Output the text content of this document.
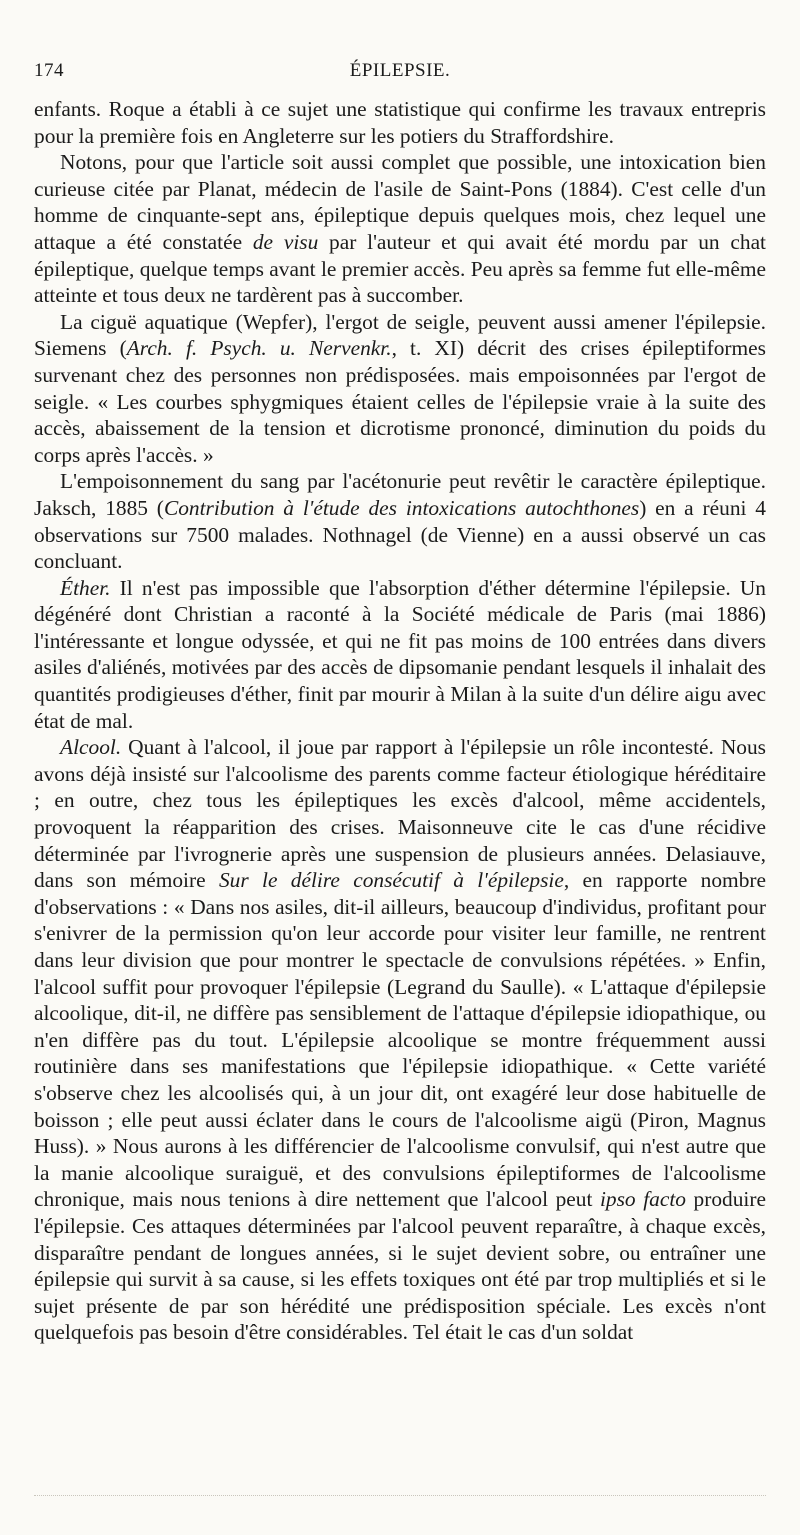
174	ÉPILEPSIE.

enfants. Roque a établi à ce sujet une statistique qui confirme les travaux entrepris pour la première fois en Angleterre sur les potiers du Straffordshire.

Notons, pour que l'article soit aussi complet que possible, une intoxication bien curieuse citée par Planat, médecin de l'asile de Saint-Pons (1884). C'est celle d'un homme de cinquante-sept ans, épileptique depuis quelques mois, chez lequel une attaque a été constatée de visu par l'auteur et qui avait été mordu par un chat épileptique, quelque temps avant le premier accès. Peu après sa femme fut elle-même atteinte et tous deux ne tardèrent pas à succomber.

La ciguë aquatique (Wepfer), l'ergot de seigle, peuvent aussi amener l'épilepsie. Siemens (Arch. f. Psych. u. Nervenkr., t. XI) décrit des crises épileptiformes survenant chez des personnes non prédisposées. mais empoisonnées par l'ergot de seigle. « Les courbes sphygmiques étaient celles de l'épilepsie vraie à la suite des accès, abaissement de la tension et dicrotisme prononcé, diminution du poids du corps après l'accès. »

L'empoisonnement du sang par l'acétonurie peut revêtir le caractère épileptique. Jaksch, 1885 (Contribution à l'étude des intoxications autochthones) en a réuni 4 observations sur 7500 malades. Nothnagel (de Vienne) en a aussi observé un cas concluant.

Éther. Il n'est pas impossible que l'absorption d'éther détermine l'épilepsie. Un dégénéré dont Christian a raconté à la Société médicale de Paris (mai 1886) l'intéressante et longue odyssée, et qui ne fit pas moins de 100 entrées dans divers asiles d'aliénés, motivées par des accès de dipsomanie pendant lesquels il inhalait des quantités prodigieuses d'éther, finit par mourir à Milan à la suite d'un délire aigu avec état de mal.

Alcool. Quant à l'alcool, il joue par rapport à l'épilepsie un rôle incontesté. Nous avons déjà insisté sur l'alcoolisme des parents comme facteur étiologique héréditaire ; en outre, chez tous les épileptiques les excès d'alcool, même accidentels, provoquent la réapparition des crises. Maisonneuve cite le cas d'une récidive déterminée par l'ivrognerie après une suspension de plusieurs années. Delasiauve, dans son mémoire Sur le délire consécutif à l'épilepsie, en rapporte nombre d'observations : « Dans nos asiles, dit-il ailleurs, beaucoup d'individus, profitant pour s'enivrer de la permission qu'on leur accorde pour visiter leur famille, ne rentrent dans leur division que pour montrer le spectacle de convulsions répétées. » Enfin, l'alcool suffit pour provoquer l'épilepsie (Legrand du Saulle). « L'attaque d'épilepsie alcoolique, dit-il, ne diffère pas sensiblement de l'attaque d'épilepsie idiopathique, ou n'en diffère pas du tout. L'épilepsie alcoolique se montre fréquemment aussi routinière dans ses manifestations que l'épilepsie idiopathique. « Cette variété s'observe chez les alcoolisés qui, à un jour dit, ont exagéré leur dose habituelle de boisson ; elle peut aussi éclater dans le cours de l'alcoolisme aigü (Piron, Magnus Huss). » Nous aurons à les différencier de l'alcoolisme convulsif, qui n'est autre que la manie alcoolique suraiguë, et des convulsions épileptiformes de l'alcoolisme chronique, mais nous tenions à dire nettement que l'alcool peut ipso facto produire l'épilepsie. Ces attaques déterminées par l'alcool peuvent reparaître, à chaque excès, disparaître pendant de longues années, si le sujet devient sobre, ou entraîner une épilepsie qui survit à sa cause, si les effets toxiques ont été par trop multipliés et si le sujet présente de par son hérédité une prédisposition spéciale. Les excès n'ont quelquefois pas besoin d'être considérables. Tel était le cas d'un soldat
